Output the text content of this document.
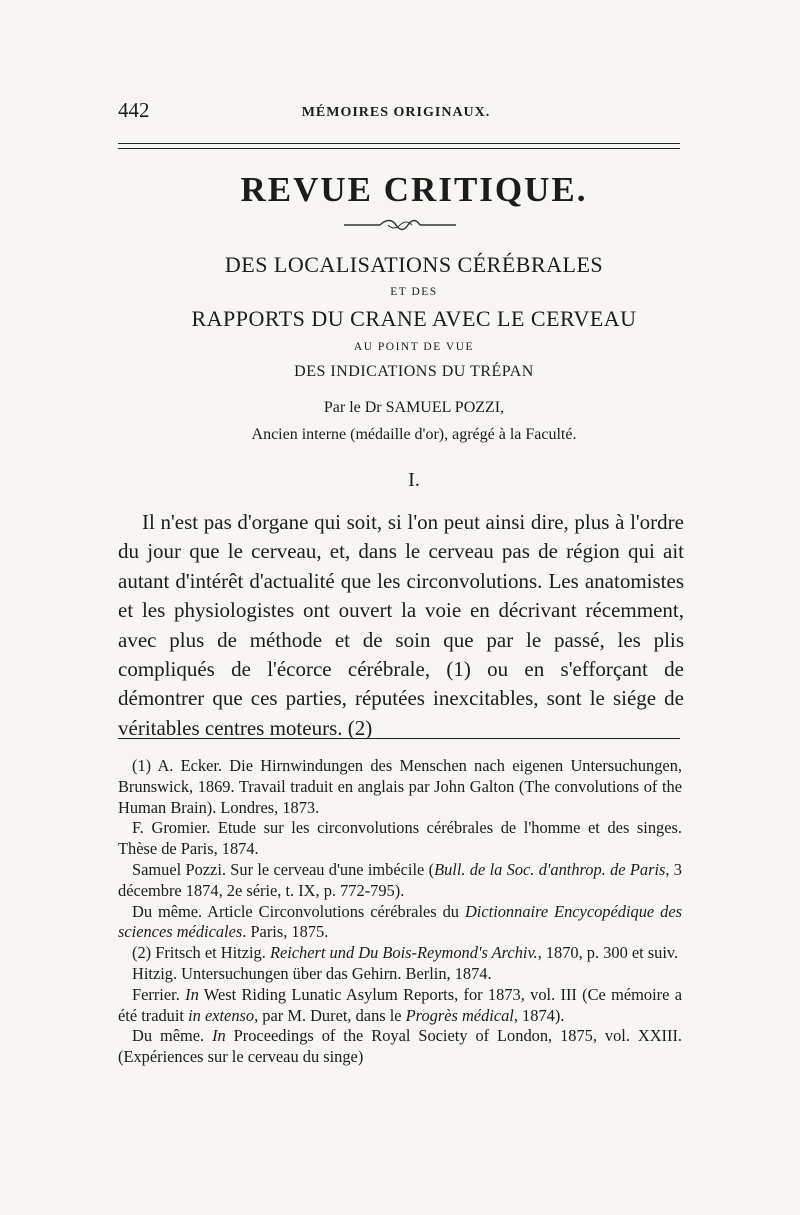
442	MÉMOIRES ORIGINAUX.
REVUE CRITIQUE.
DES LOCALISATIONS CÉRÉBRALES
ET DES
RAPPORTS DU CRANE AVEC LE CERVEAU
AU POINT DE VUE
DES INDICATIONS DU TRÉPAN
Par le Dr SAMUEL POZZI,
Ancien interne (médaille d'or), agrégé à la Faculté.
I.

Il n'est pas d'organe qui soit, si l'on peut ainsi dire, plus à l'ordre du jour que le cerveau, et, dans le cerveau pas de région qui ait autant d'intérêt d'actualité que les circonvolutions. Les anatomistes et les physiologistes ont ouvert la voie en décrivant récemment, avec plus de méthode et de soin que par le passé, les plis compliqués de l'écorce cérébrale, (1) ou en s'efforçant de démontrer que ces parties, réputées inexcitables, sont le siége de véritables centres moteurs. (2)

(1) A. Ecker. Die Hirnwindungen des Menschen nach eigenen Untersuchungen, Brunswick, 1869. Travail traduit en anglais par John Galton (The convolutions of the Human Brain). Londres, 1873.

F. Gromier. Etude sur les circonvolutions cérébrales de l'homme et des singes. Thèse de Paris, 1874.

Samuel Pozzi. Sur le cerveau d'une imbécile (Bull. de la Soc. d'anthrop. de Paris, 3 décembre 1874, 2e série, t. IX, p. 772-795).

Du même. Article Circonvolutions cérébrales du Dictionnaire Encycopédique des sciences médicales. Paris, 1875.

(2) Fritsch et Hitzig. Reichert und Du Bois-Reymond's Archiv., 1870, p. 300 et suiv.

Hitzig. Untersuchungen über das Gehirn. Berlin, 1874.

Ferrier. In West Riding Lunatic Asylum Reports, for 1873, vol. III (Ce mémoire a été traduit in extenso, par M. Duret, dans le Progrès médical, 1874).

Du même. In Proceedings of the Royal Society of London, 1875, vol. XXIII. (Expériences sur le cerveau du singe)
